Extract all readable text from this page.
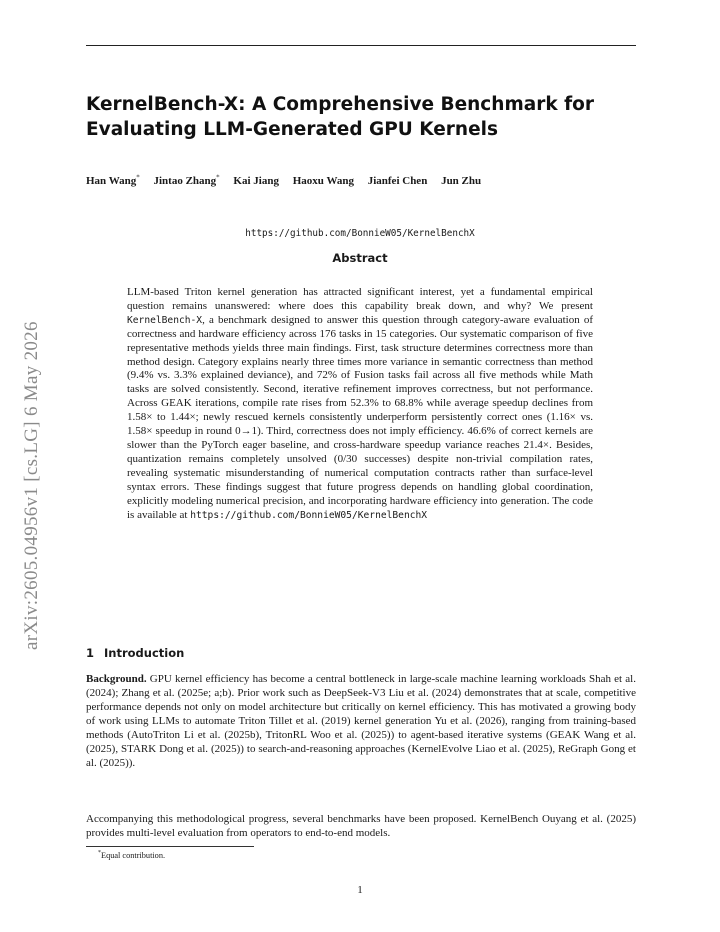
arXiv:2605.04956v1 [cs.LG] 6 May 2026
KernelBench-X: A Comprehensive Benchmark for Evaluating LLM-Generated GPU Kernels
Han Wang* Jintao Zhang* Kai Jiang Haoxu Wang Jianfei Chen Jun Zhu
https://github.com/BonnieW05/KernelBenchX
Abstract

LLM-based Triton kernel generation has attracted significant interest, yet a fundamental empirical question remains unanswered: where does this capability break down, and why? We present KernelBench-X, a benchmark designed to answer this question through category-aware evaluation of correctness and hardware efficiency across 176 tasks in 15 categories. Our systematic comparison of five representative methods yields three main findings. First, task structure determines correctness more than method design. Category explains nearly three times more variance in semantic correctness than method (9.4% vs. 3.3% explained deviance), and 72% of Fusion tasks fail across all five methods while Math tasks are solved consistently. Second, iterative refinement improves correctness, but not performance. Across GEAK iterations, compile rate rises from 52.3% to 68.8% while average speedup declines from 1.58× to 1.44×; newly rescued kernels consistently underperform persistently correct ones (1.16× vs. 1.58× speedup in round 0→1). Third, correctness does not imply efficiency. 46.6% of correct kernels are slower than the PyTorch eager baseline, and cross-hardware speedup variance reaches 21.4×. Besides, quantization remains completely unsolved (0/30 successes) despite non-trivial compilation rates, revealing systematic misunderstanding of numerical computation contracts rather than surface-level syntax errors. These findings suggest that future progress depends on handling global coordination, explicitly modeling numerical precision, and incorporating hardware efficiency into generation. The code is available at https://github.com/BonnieW05/KernelBenchX

1 Introduction

Background. GPU kernel efficiency has become a central bottleneck in large-scale machine learning workloads Shah et al. (2024); Zhang et al. (2025e; a;b). Prior work such as DeepSeek-V3 Liu et al. (2024) demonstrates that at scale, competitive performance depends not only on model architecture but critically on kernel efficiency. This has motivated a growing body of work using LLMs to automate Triton Tillet et al. (2019) kernel generation Yu et al. (2026), ranging from training-based methods (AutoTriton Li et al. (2025b), TritonRL Woo et al. (2025)) to agent-based iterative systems (GEAK Wang et al. (2025), STARK Dong et al. (2025)) to search-and-reasoning approaches (KernelEvolve Liao et al. (2025), ReGraph Gong et al. (2025)).

Accompanying this methodological progress, several benchmarks have been proposed. KernelBench Ouyang et al. (2025) provides multi-level evaluation from operators to end-to-end models.

*Equal contribution.

1
